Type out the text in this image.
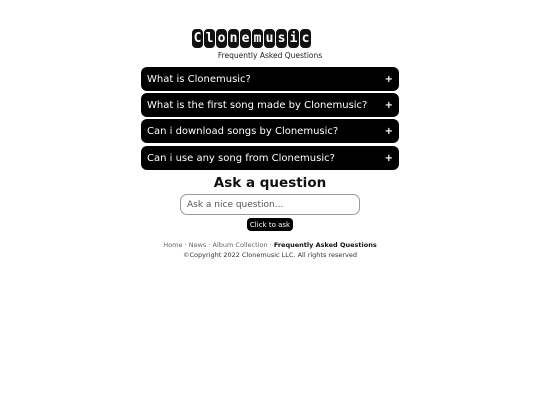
C l o n e m u s i c
Frequently Asked Questions
What is Clonemusic?	+
What is the first song made by Clonemusic? +
Can i download songs by Clonemusic?	+
Can i use any song from Clonemusic?	+
Ask a question
Ask a nice question...
Click to ask
Home · News · Album Collection · Frequently Asked Questions
©Copyright 2022 Clonemusic LLC. All rights reserved
